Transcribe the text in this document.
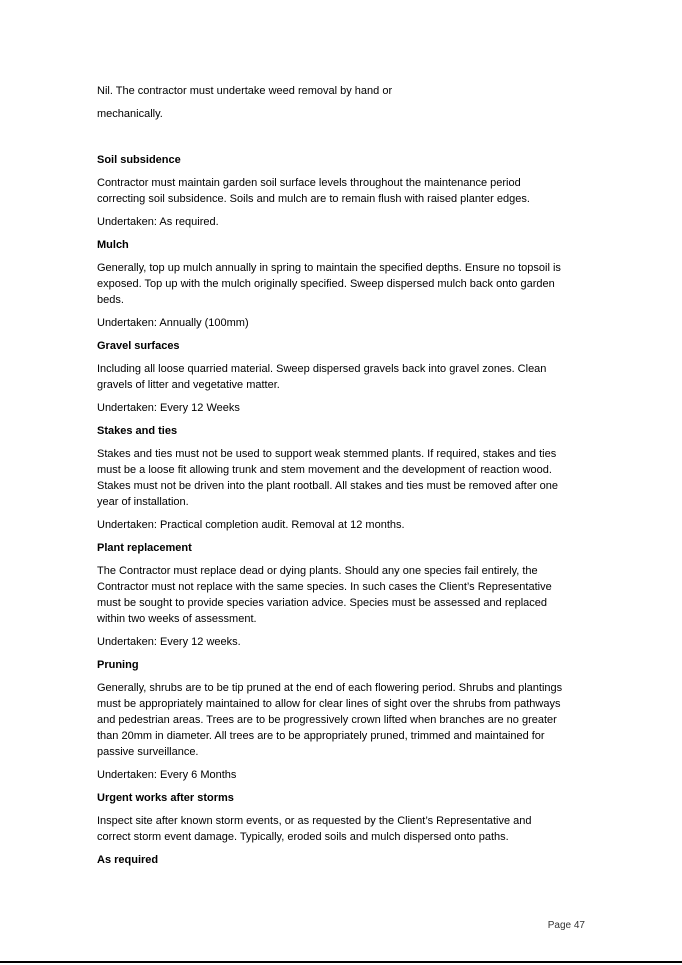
Nil. The contractor must undertake weed removal by hand or
mechanically.
Soil subsidence
Contractor must maintain garden soil surface levels throughout the maintenance period
correcting soil subsidence. Soils and mulch are to remain flush with raised planter edges.
Undertaken: As required.
Mulch
Generally, top up mulch annually in spring to maintain the specified depths. Ensure no topsoil is
exposed. Top up with the mulch originally specified. Sweep dispersed mulch back onto garden
beds.
Undertaken: Annually (100mm)
Gravel surfaces
Including all loose quarried material. Sweep dispersed gravels back into gravel zones. Clean
gravels of litter and vegetative matter.
Undertaken: Every 12 Weeks
Stakes and ties
Stakes and ties must not be used to support weak stemmed plants. If required, stakes and ties
must be a loose fit allowing trunk and stem movement and the development of reaction wood.
Stakes must not be driven into the plant rootball. All stakes and ties must be removed after one
year of installation.
Undertaken: Practical completion audit. Removal at 12 months.
Plant replacement
The Contractor must replace dead or dying plants. Should any one species fail entirely, the
Contractor must not replace with the same species. In such cases the Client’s Representative
must be sought to provide species variation advice. Species must be assessed and replaced
within two weeks of assessment.
Undertaken: Every 12 weeks.
Pruning
Generally, shrubs are to be tip pruned at the end of each flowering period. Shrubs and plantings
must be appropriately maintained to allow for clear lines of sight over the shrubs from pathways
and pedestrian areas. Trees are to be progressively crown lifted when branches are no greater
than 20mm in diameter. All trees are to be appropriately pruned, trimmed and maintained for
passive surveillance.
Undertaken: Every 6 Months
Urgent works after storms
Inspect site after known storm events, or as requested by the Client’s Representative and
correct storm event damage. Typically, eroded soils and mulch dispersed onto paths.
As required
Page 47
